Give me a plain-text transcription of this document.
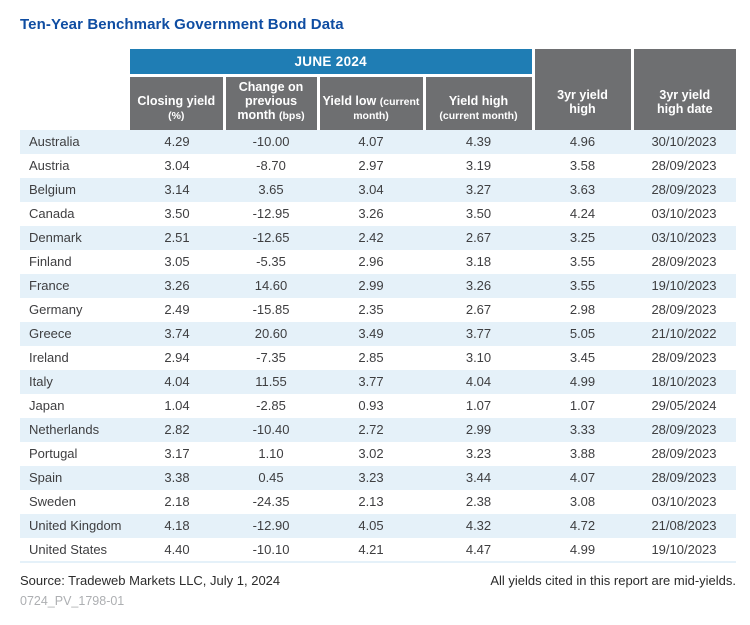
Ten-Year Benchmark Government Bond Data
	JUNE 2024				3yr yield high	3yr yield high date
	Closing yield (%)	Change on previous month (bps)	Yield low (current month)	Yield high (current month)		
Australia	4.29	-10.00	4.07	4.39	4.96	30/10/2023
Austria	3.04	-8.70	2.97	3.19	3.58	28/09/2023
Belgium	3.14	3.65	3.04	3.27	3.63	28/09/2023
Canada	3.50	-12.95	3.26	3.50	4.24	03/10/2023
Denmark	2.51	-12.65	2.42	2.67	3.25	03/10/2023
Finland	3.05	-5.35	2.96	3.18	3.55	28/09/2023
France	3.26	14.60	2.99	3.26	3.55	19/10/2023
Germany	2.49	-15.85	2.35	2.67	2.98	28/09/2023
Greece	3.74	20.60	3.49	3.77	5.05	21/10/2022
Ireland	2.94	-7.35	2.85	3.10	3.45	28/09/2023
Italy	4.04	11.55	3.77	4.04	4.99	18/10/2023
Japan	1.04	-2.85	0.93	1.07	1.07	29/05/2024
Netherlands	2.82	-10.40	2.72	2.99	3.33	28/09/2023
Portugal	3.17	1.10	3.02	3.23	3.88	28/09/2023
Spain	3.38	0.45	3.23	3.44	4.07	28/09/2023
Sweden	2.18	-24.35	2.13	2.38	3.08	03/10/2023
United Kingdom	4.18	-12.90	4.05	4.32	4.72	21/08/2023
United States	4.40	-10.10	4.21	4.47	4.99	19/10/2023
Source: Tradeweb Markets LLC, July 1, 2024	All yields cited in this report are mid-yields.
0724_PV_1798-01
